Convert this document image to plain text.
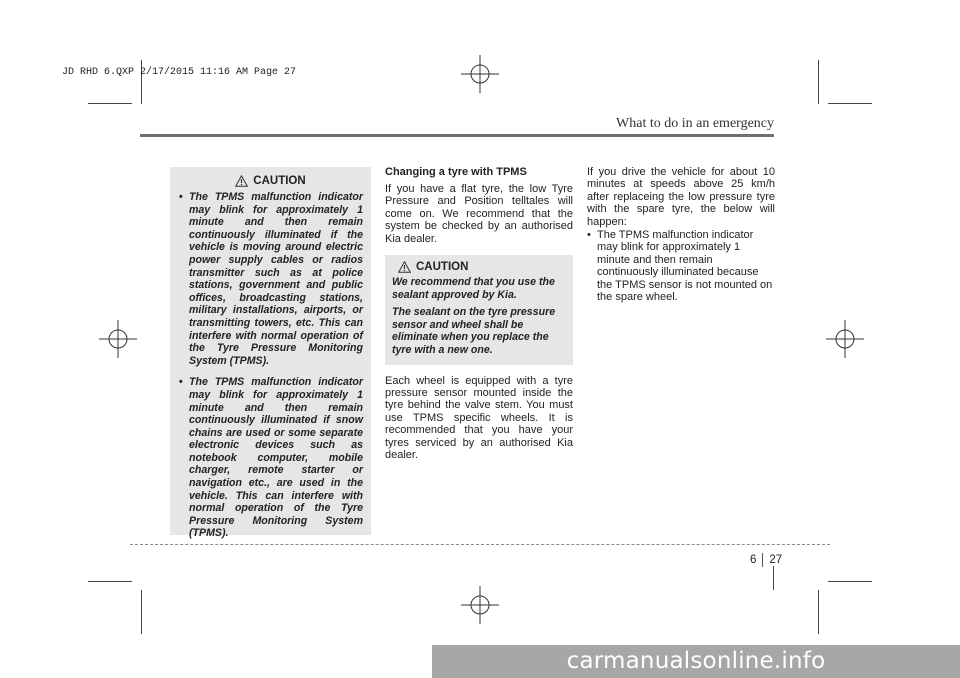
JD RHD 6.QXP 2/17/2015 11:16 AM Page 27
What to do in an emergency
CAUTION
• The TPMS malfunction indicator may blink for approximately 1 minute and then remain continuously illuminated if the vehicle is moving around electric power supply cables or radios transmitter such as at police stations, government and public offices, broadcasting stations, military installations, airports, or transmitting towers, etc. This can interfere with normal operation of the Tyre Pressure Monitoring System (TPMS).
• The TPMS malfunction indicator may blink for approximately 1 minute and then remain continuously illuminated if snow chains are used or some separate electronic devices such as notebook computer, mobile charger, remote starter or navigation etc., are used in the vehicle. This can interfere with normal operation of the Tyre Pressure Monitoring System (TPMS).
Changing a tyre with TPMS
If you have a flat tyre, the low Tyre Pressure and Position telltales will come on. We recommend that the system be checked by an authorised Kia dealer.
CAUTION
We recommend that you use the sealant approved by Kia.
The sealant on the tyre pressure sensor and wheel shall be eliminate when you replace the tyre with a new one.
Each wheel is equipped with a tyre pressure sensor mounted inside the tyre behind the valve stem. You must use TPMS specific wheels. It is recommended that you have your tyres serviced by an authorised Kia dealer.
If you drive the vehicle for about 10 minutes at speeds above 25 km/h after replaceing the low pressure tyre with the spare tyre, the below will happen:
• The TPMS malfunction indicator may blink for approximately 1 minute and then remain continuously illuminated because the TPMS sensor is not mounted on the spare wheel.
6 27
carmanualsonline.info
